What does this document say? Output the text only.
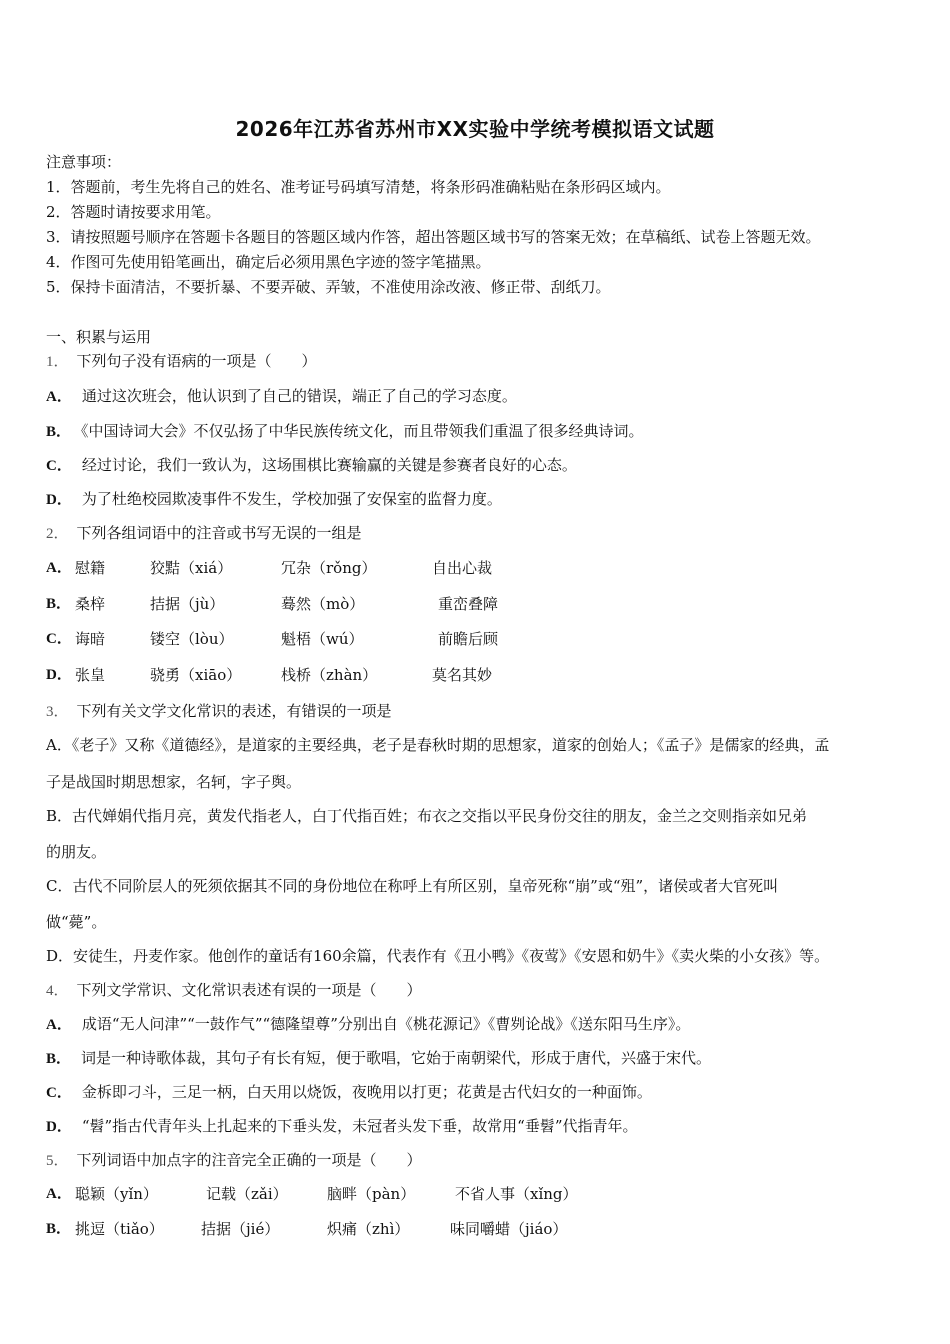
2026年江苏省苏州市XX实验中学统考模拟语文试题
注意事项：
1．答题前，考生先将自己的姓名、准考证号码填写清楚，将条形码准确粘贴在条形码区域内。
2．答题时请按要求用笔。
3．请按照题号顺序在答题卡各题目的答题区域内作答，超出答题区域书写的答案无效；在草稿纸、试卷上答题无效。
4．作图可先使用铅笔画出，确定后必须用黑色字迹的签字笔描黑。
5．保持卡面清洁，不要折暴、不要弄破、弄皱，不准使用涂改液、修正带、刮纸刀。
一、积累与运用
1． 下列句子没有语病的一项是（　　）
A． 通过这次班会，他认识到了自己的错误，端正了自己的学习态度。
B． 《中国诗词大会》不仅弘扬了中华民族传统文化，而且带领我们重温了很多经典诗词。
C． 经过讨论，我们一致认为，这场围棋比赛输赢的关键是参赛者良好的心态。
D． 为了杜绝校园欺凌事件不发生，学校加强了安保室的监督力度。
2． 下列各组词语中的注音或书写无误的一组是
A． 慰籍	狡黠（xiá）	冗杂（rǒng）	自出心裁
B． 桑梓	拮据（jù）	蓦然（mò）	重峦叠障
C． 诲暗	镂空（lòu）	魁梧（wú）	前瞻后顾
D． 张皇	骁勇（xiāo）	栈桥（zhàn）	莫名其妙
3． 下列有关文学文化常识的表述，有错误的一项是
A．《老子》又称《道德经》，是道家的主要经典，老子是春秋时期的思想家，道家的创始人；《孟子》是儒家的经典，孟
子是战国时期思想家，名轲，字子舆。
B．古代婵娟代指月亮，黄发代指老人，白丁代指百姓；布衣之交指以平民身份交往的朋友，金兰之交则指亲如兄弟
的朋友。
C．古代不同阶层人的死须依据其不同的身份地位在称呼上有所区别，皇帝死称“崩”或“殂”，诸侯或者大官死叫
做“薨”。
D．安徒生，丹麦作家。他创作的童话有160余篇，代表作有《丑小鸭》《夜莺》《安恩和奶牛》《卖火柴的小女孩》等。
4． 下列文学常识、文化常识表述有误的一项是（　　）
A． 成语“无人问津”“一鼓作气”“德隆望尊”分别出自《桃花源记》《曹刿论战》《送东阳马生序》。
B． 词是一种诗歌体裁，其句子有长有短，便于歌唱，它始于南朝梁代，形成于唐代，兴盛于宋代。
C． 金柝即刁斗，三足一柄，白天用以烧饭，夜晚用以打更；花黄是古代妇女的一种面饰。
D． “髫”指古代青年头上扎起来的下垂头发，未冠者头发下垂，故常用“垂髫”代指青年。
5． 下列词语中加点字的注音完全正确的一项是（　　）
A． 聪颖（yǐn）	记载（zǎi）	脑畔（pàn）	不省人事（xǐng）
B． 挑逗（tiǎo） 拮据（jié）	炽痛（zhì）	味同嚼蜡（jiáo）
